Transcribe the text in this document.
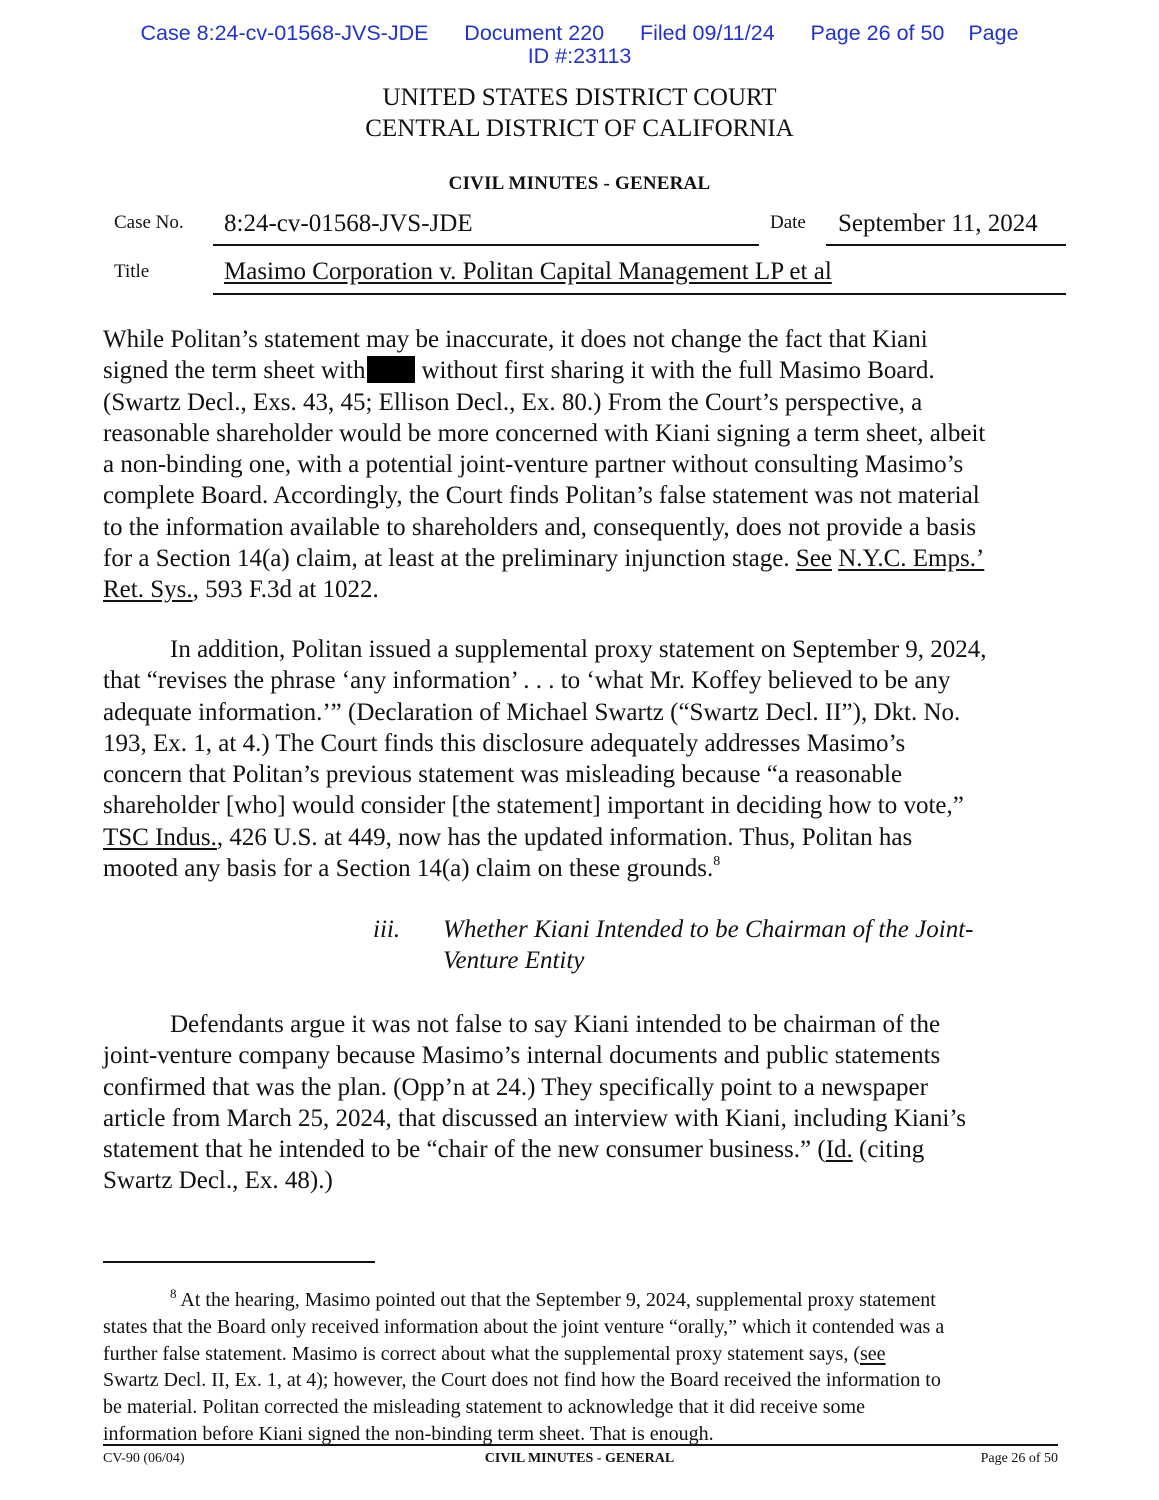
Case 8:24-cv-01568-JVS-JDE Document 220 Filed 09/11/24 Page 26 of 50 Page
ID #:23113
UNITED STATES DISTRICT COURT
CENTRAL DISTRICT OF CALIFORNIA
CIVIL MINUTES - GENERAL
Case No. 8:24-cv-01568-JVS-JDE	Date September 11, 2024
Title	Masimo Corporation v. Politan Capital Management LP et al
While Politan’s statement may be inaccurate, it does not change the fact that Kiani
signed the term sheet with without first sharing it with the full Masimo Board.
(Swartz Decl., Exs. 43, 45; Ellison Decl., Ex. 80.) From the Court’s perspective, a
reasonable shareholder would be more concerned with Kiani signing a term sheet, albeit
a non-binding one, with a potential joint-venture partner without consulting Masimo’s
complete Board. Accordingly, the Court finds Politan’s false statement was not material
to the information available to shareholders and, consequently, does not provide a basis
for a Section 14(a) claim, at least at the preliminary injunction stage. See N.Y.C. Emps.’
Ret. Sys., 593 F.3d at 1022.
In addition, Politan issued a supplemental proxy statement on September 9, 2024,
that “revises the phrase ‘any information’ . . . to ‘what Mr. Koffey believed to be any
adequate information.’” (Declaration of Michael Swartz (“Swartz Decl. II”), Dkt. No.
193, Ex. 1, at 4.) The Court finds this disclosure adequately addresses Masimo’s
concern that Politan’s previous statement was misleading because “a reasonable
shareholder [who] would consider [the statement] important in deciding how to vote,”
TSC Indus., 426 U.S. at 449, now has the updated information. Thus, Politan has
mooted any basis for a Section 14(a) claim on these grounds.$^8$
iii. Whether Kiani Intended to be Chairman of the Joint-
Venture Entity
Defendants argue it was not false to say Kiani intended to be chairman of the
joint-venture company because Masimo’s internal documents and public statements
confirmed that was the plan. (Opp’n at 24.) They specifically point to a newspaper
article from March 25, 2024, that discussed an interview with Kiani, including Kiani’s
statement that he intended to be “chair of the new consumer business.” (Id. (citing
Swartz Decl., Ex. 48).)
$^8$ At the hearing, Masimo pointed out that the September 9, 2024, supplemental proxy statement
states that the Board only received information about the joint venture “orally,” which it contended was a
further false statement. Masimo is correct about what the supplemental proxy statement says, (see
Swartz Decl. II, Ex. 1, at 4); however, the Court does not find how the Board received the information to
be material. Politan corrected the misleading statement to acknowledge that it did receive some
information before Kiani signed the non-binding term sheet. That is enough.
CV-90 (06/04)	CIVIL MINUTES - GENERAL	Page 26 of 50
